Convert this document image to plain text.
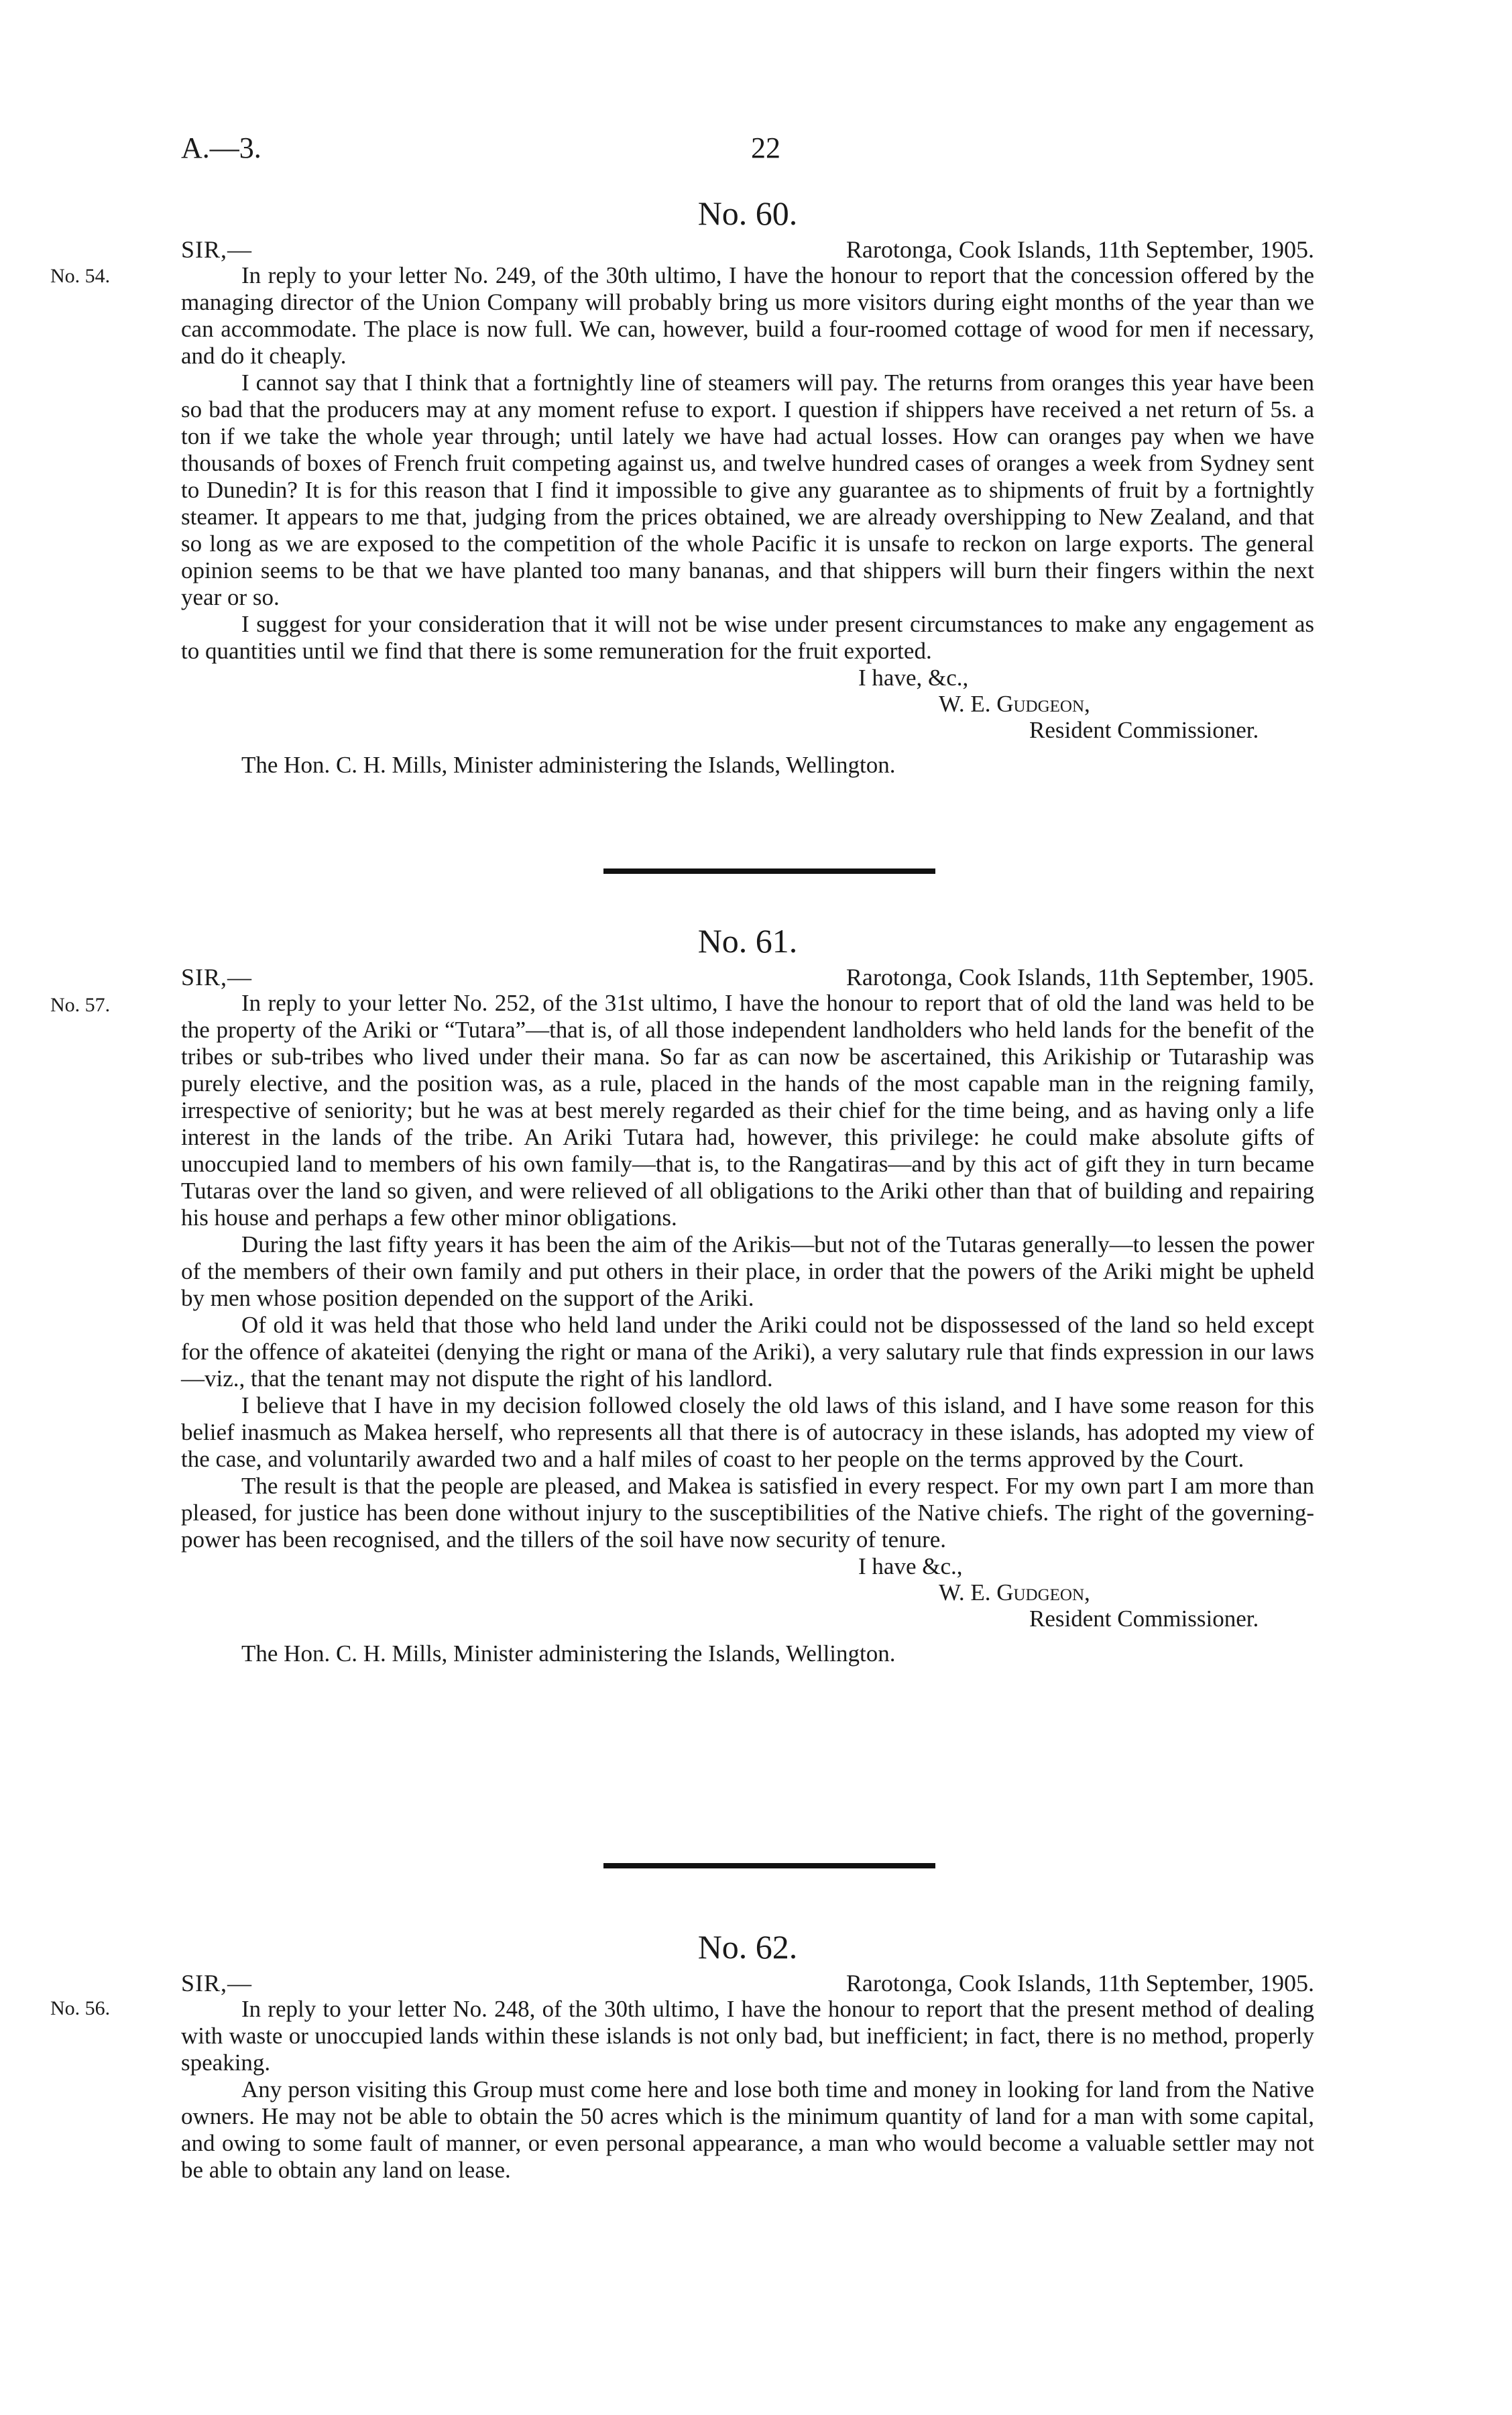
A.—3.	22
No. 60.
SIR,—	Rarotonga, Cook Islands, 11th September, 1905.
No. 54.	In reply to your letter No. 249, of the 30th ultimo, I have the honour to report that the concession offered by the managing director of the Union Company will probably bring us more visitors during eight months of the year than we can accommodate. The place is now full. We can, however, build a four-roomed cottage of wood for men if necessary, and do it cheaply.

I cannot say that I think that a fortnightly line of steamers will pay. The returns from oranges this year have been so bad that the producers may at any moment refuse to export. I question if shippers have received a net return of 5s. a ton if we take the whole year through; until lately we have had actual losses. How can oranges pay when we have thousands of boxes of French fruit competing against us, and twelve hundred cases of oranges a week from Sydney sent to Dunedin? It is for this reason that I find it impossible to give any guarantee as to shipments of fruit by a fortnightly steamer. It appears to me that, judging from the prices obtained, we are already overshipping to New Zealand, and that so long as we are exposed to the competition of the whole Pacific it is unsafe to reckon on large exports. The general opinion seems to be that we have planted too many bananas, and that shippers will burn their fingers within the next year or so.

I suggest for your consideration that it will not be wise under present circumstances to make any engagement as to quantities until we find that there is some remuneration for the fruit exported.

I have, &c.,
W. E. Gudgeon,
Resident Commissioner.
The Hon. C. H. Mills, Minister administering the Islands, Wellington.
No. 61.
SIR,—	Rarotonga, Cook Islands, 11th September, 1905.
No. 57.	In reply to your letter No. 252, of the 31st ultimo, I have the honour to report that of old the land was held to be the property of the Ariki or “Tutara”—that is, of all those independent landholders who held lands for the benefit of the tribes or sub-tribes who lived under their mana. So far as can now be ascertained, this Arikiship or Tutaraship was purely elective, and the position was, as a rule, placed in the hands of the most capable man in the reigning family, irrespective of seniority; but he was at best merely regarded as their chief for the time being, and as having only a life interest in the lands of the tribe. An Ariki Tutara had, however, this privilege: he could make absolute gifts of unoccupied land to members of his own family—that is, to the Rangatiras—and by this act of gift they in turn became Tutaras over the land so given, and were relieved of all obligations to the Ariki other than that of building and repairing his house and perhaps a few other minor obligations.

During the last fifty years it has been the aim of the Arikis—but not of the Tutaras generally—to lessen the power of the members of their own family and put others in their place, in order that the powers of the Ariki might be upheld by men whose position depended on the support of the Ariki.

Of old it was held that those who held land under the Ariki could not be dispossessed of the land so held except for the offence of akateitei (denying the right or mana of the Ariki), a very salutary rule that finds expression in our laws—viz., that the tenant may not dispute the right of his landlord.

I believe that I have in my decision followed closely the old laws of this island, and I have some reason for this belief inasmuch as Makea herself, who represents all that there is of autocracy in these islands, has adopted my view of the case, and voluntarily awarded two and a half miles of coast to her people on the terms approved by the Court.

The result is that the people are pleased, and Makea is satisfied in every respect. For my own part I am more than pleased, for justice has been done without injury to the susceptibilities of the Native chiefs. The right of the governing-power has been recognised, and the tillers of the soil have now security of tenure.

I have &c.,
W. E. Gudgeon,
Resident Commissioner.
The Hon. C. H. Mills, Minister administering the Islands, Wellington.
No. 62.
SIR,—	Rarotonga, Cook Islands, 11th September, 1905.
No. 56.	In reply to your letter No. 248, of the 30th ultimo, I have the honour to report that the present method of dealing with waste or unoccupied lands within these islands is not only bad, but inefficient; in fact, there is no method, properly speaking.

Any person visiting this Group must come here and lose both time and money in looking for land from the Native owners. He may not be able to obtain the 50 acres which is the minimum quantity of land for a man with some capital, and owing to some fault of manner, or even personal appearance, a man who would become a valuable settler may not be able to obtain any land on lease.
